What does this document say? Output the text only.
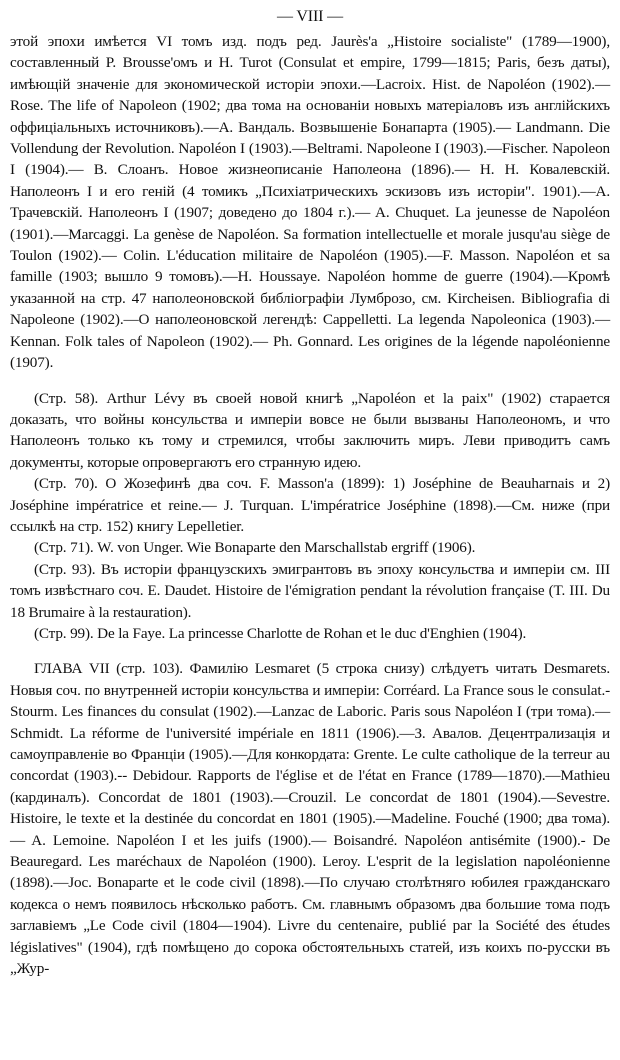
— VIII —

этой эпохи имѣется VI томъ изд. подъ ред. Jaurès'а „Histoire socialiste" (1789—1900), составленный P. Brousse'омъ и H. Turot (Consulat et empire, 1799—1815; Paris, безъ даты), имѣющій значеніе для экономической исторіи эпохи.—Lacroix. Hist. de Napoléon (1902).—Rose. The life of Napoleon (1902; два тома на основаніи новыхъ матеріаловъ изъ англійскихъ оффиціальныхъ источниковъ).—А. Вандаль. Возвышеніе Бонапарта (1905).— Landmann. Die Vollendung der Revolution. Napoléon I (1903).—Beltrami. Napoleone I (1903).—Fischer. Napoleon I (1904).— В. Слоанъ. Новое жизнеописаніе Наполеона (1896).— Н. Н. Ковалевскій. Наполеонъ I и его геній (4 томикъ „Психіатрическихъ эскизовъ изъ исторіи". 1901).—А. Трачевскій. Наполеонъ I (1907; доведено до 1804 г.).— A. Chuquet. La jeunesse de Napoléon (1901).—Marcaggi. La genèse de Napoléon. Sa formation intellectuelle et morale jusqu'au siège de Toulon (1902).— Colin. L'éducation militaire de Napoléon (1905).—F. Masson. Napoléon et sa famille (1903; вышло 9 томовъ).—H. Houssaye. Napoléon homme de guerre (1904).—Кромѣ указанной на стр. 47 наполеоновской библіографіи Лумброзо, см. Kircheisen. Bibliografia di Napoleone (1902).—О наполеоновской легендѣ: Cappelletti. La legenda Napoleonica (1903).— Kennan. Folk tales of Napoleon (1902).— Ph. Gonnard. Les origines de la légende napoléonienne (1907).

(Стр. 58). Arthur Lévy въ своей новой книгѣ „Napoléon et la paix" (1902) старается доказать, что войны консульства и имперіи вовсе не были вызваны Наполеономъ, и что Наполеонъ только къ тому и стремился, чтобы заключить миръ. Леви приводитъ самъ документы, которые опровергаютъ его странную идею.

(Стр. 70). О Жозефинѣ два соч. F. Masson'а (1899): 1) Joséphine de Beauharnais и 2) Joséphine impératrice et reine.— J. Turquan. L'impératrice Joséphine (1898).—См. ниже (при ссылкѣ на стр. 152) книгу Lepelletier.

(Стр. 71). W. von Unger. Wie Bonaparte den Marschallstab ergriff (1906).

(Стр. 93). Въ исторіи французскихъ эмигрантовъ въ эпоху консульства и имперіи см. III томъ извѣстнаго соч. E. Daudet. Histoire de l'émigration pendant la révolution française (T. III. Du 18 Brumaire à la restauration).

(Стр. 99). De la Faye. La princesse Charlotte de Rohan et le duc d'Enghien (1904).

ГЛАВА VII (стр. 103). Фамилію Lesmaret (5 строка снизу) слѣдуетъ читать Desmarets. Новыя соч. по внутренней исторіи консульства и имперіи: Corréard. La France sous le consulat.- Stourm. Les finances du consulat (1902).—Lanzac de Laboric. Paris sous Napoléon I (три тома).—Schmidt. La réforme de l'université impériale en 1811 (1906).—З. Авалов. Децентрализація и самоуправленіе во Франціи (1905).—Для конкордата: Grente. Le culte catholique de la terreur au concordat (1903).-- Debidour. Rapports de l'église et de l'état en France (1789—1870).—Mathieu (кардиналъ). Concordat de 1801 (1903).—Crouzil. Le concordat de 1801 (1904).—Sevestre. Histoire, le texte et la destinée du concordat en 1801 (1905).—Madeline. Fouché (1900; два тома).— A. Lemoine. Napoléon I et les juifs (1900).— Boisandré. Napoléon antisémite (1900).- De Beauregard. Les maréchaux de Napoléon (1900). Leroy. L'esprit de la legislation napoléonienne (1898).—Joc. Bonaparte et le code civil (1898).—По случаю столѣтняго юбилея гражданскаго кодекса о немъ появилось нѣсколько работъ. См. главнымъ образомъ два большие тома подъ заглавіемъ „Le Code civil (1804—1904). Livre du centenaire, publié par la Société des études législatives" (1904), гдѣ помѣщено до сорока обстоятельныхъ статей, изъ коихъ по-русски въ „Жур-
